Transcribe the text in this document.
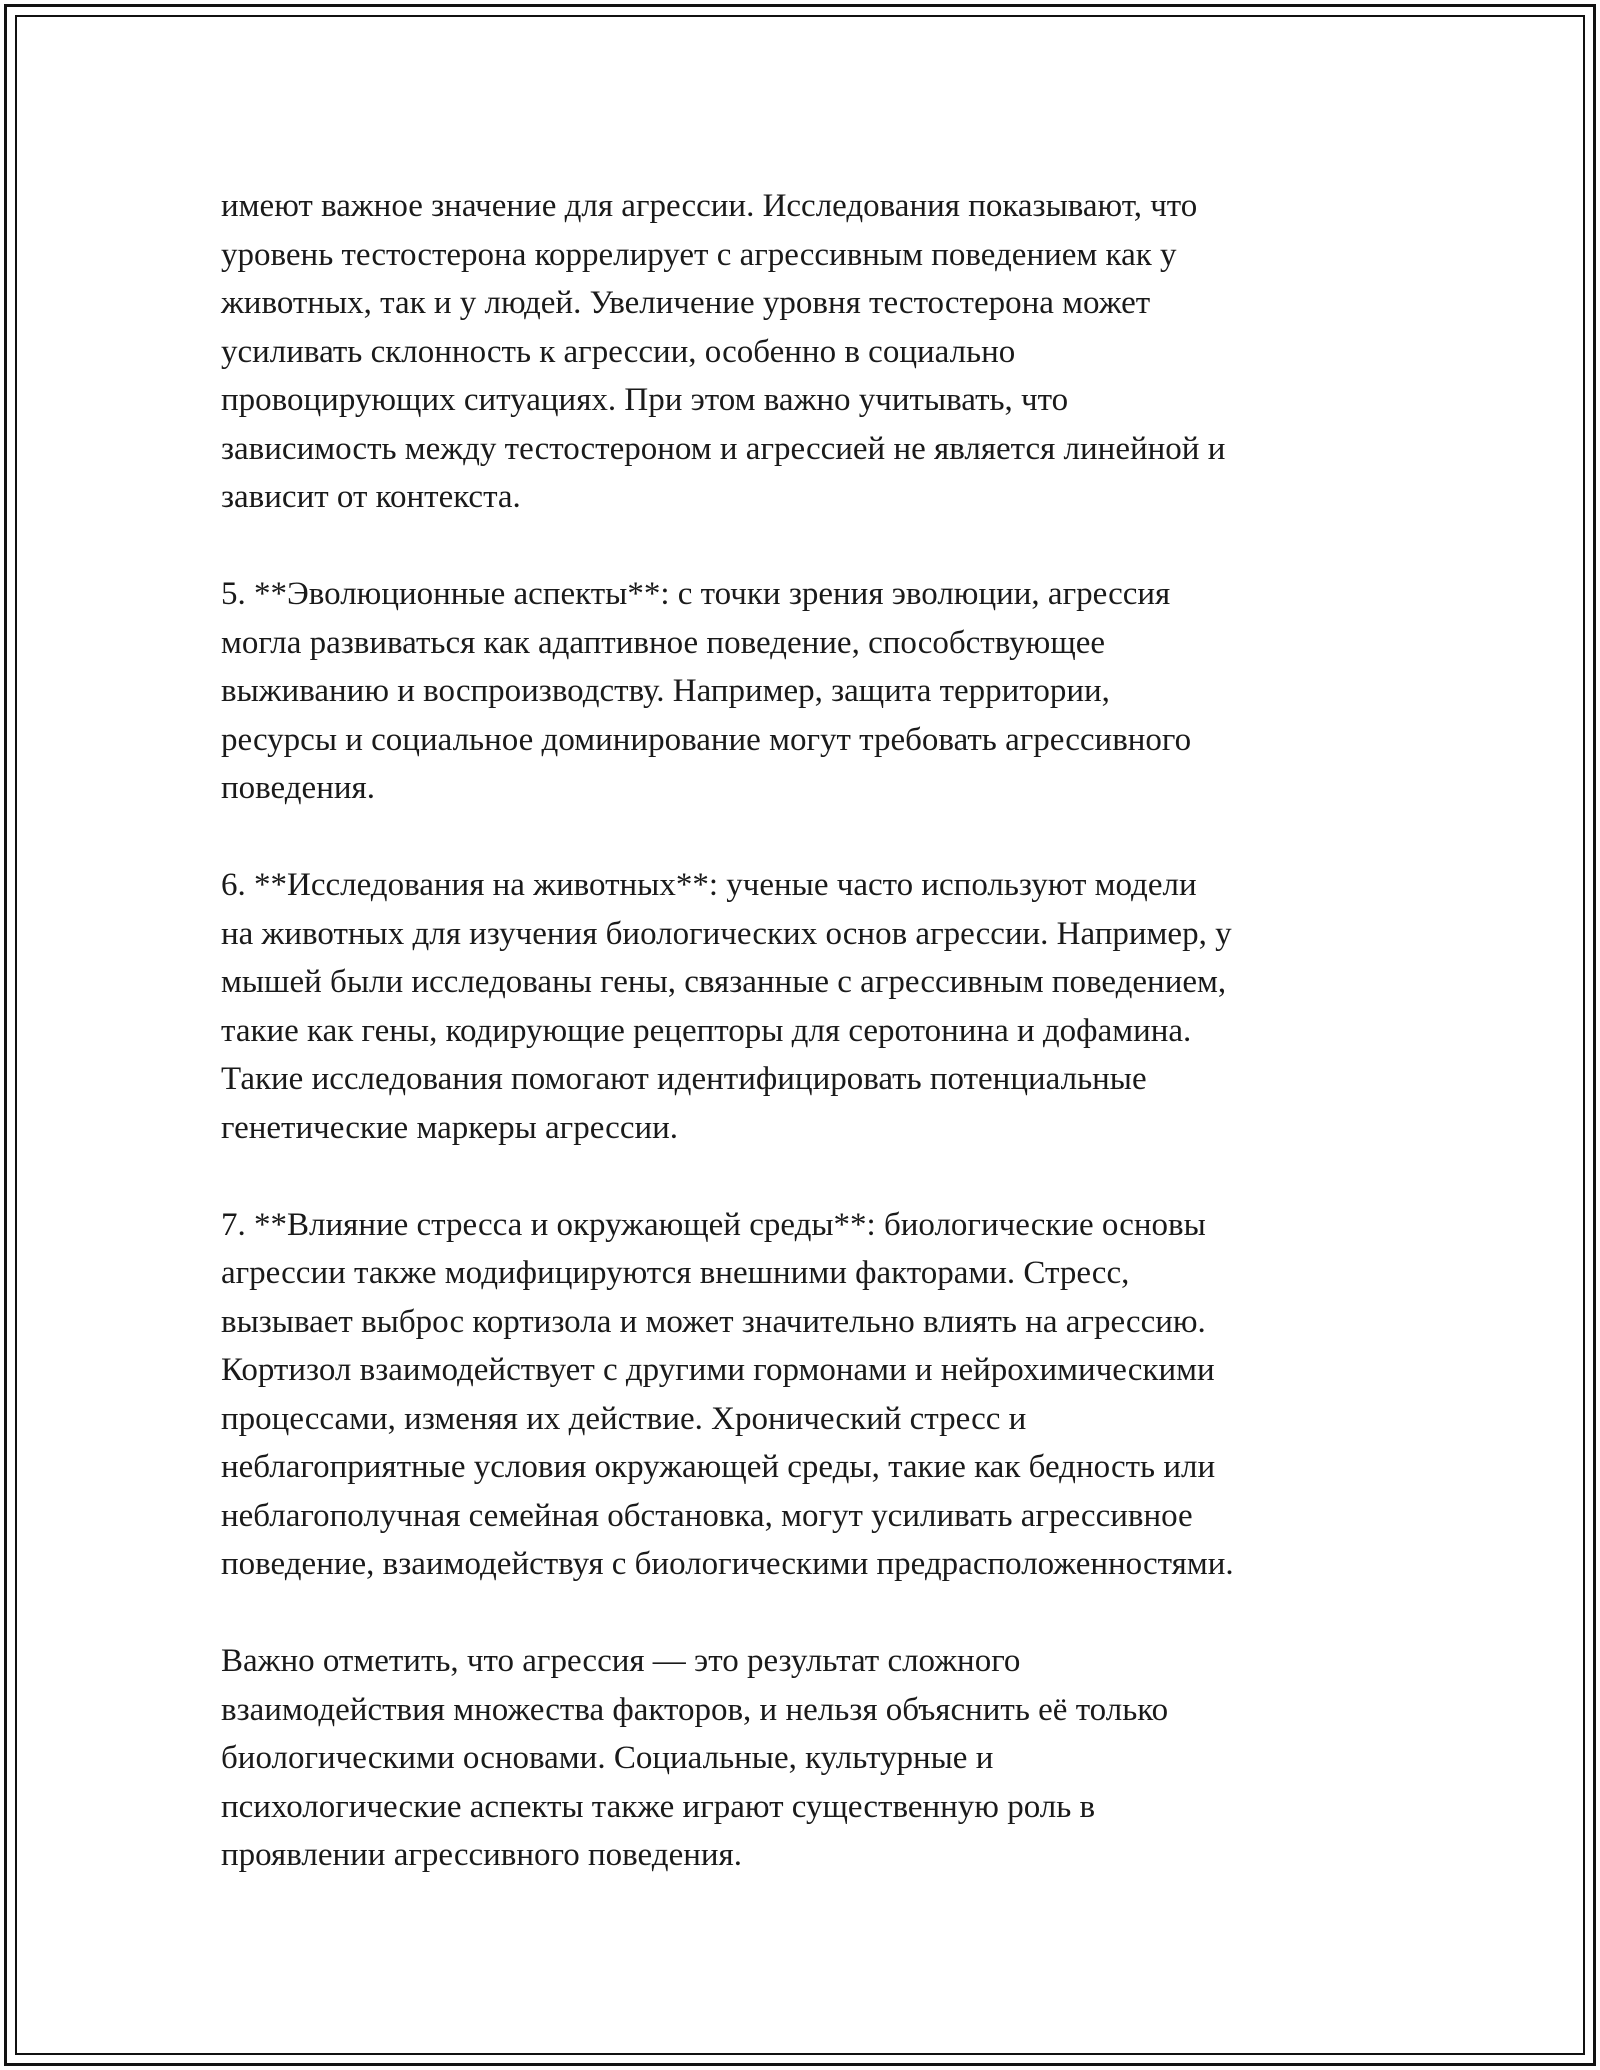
имеют важное значение для агрессии. Исследования показывают, что
уровень тестостерона коррелирует с агрессивным поведением как у
животных, так и у людей. Увеличение уровня тестостерона может
усиливать склонность к агрессии, особенно в социально
провоцирующих ситуациях. При этом важно учитывать, что
зависимость между тестостероном и агрессией не является линейной и
зависит от контекста.
5. **Эволюционные аспекты**: с точки зрения эволюции, агрессия
могла развиваться как адаптивное поведение, способствующее
выживанию и воспроизводству. Например, защита территории,
ресурсы и социальное доминирование могут требовать агрессивного
поведения.
6. **Исследования на животных**: ученые часто используют модели
на животных для изучения биологических основ агрессии. Например, у
мышей были исследованы гены, связанные с агрессивным поведением,
такие как гены, кодирующие рецепторы для серотонина и дофамина.
Такие исследования помогают идентифицировать потенциальные
генетические маркеры агрессии.
7. **Влияние стресса и окружающей среды**: биологические основы
агрессии также модифицируются внешними факторами. Стресс,
вызывает выброс кортизола и может значительно влиять на агрессию.
Кортизол взаимодействует с другими гормонами и нейрохимическими
процессами, изменяя их действие. Хронический стресс и
неблагоприятные условия окружающей среды, такие как бедность или
неблагополучная семейная обстановка, могут усиливать агрессивное
поведение, взаимодействуя с биологическими предрасположенностями.
Важно отметить, что агрессия — это результат сложного
взаимодействия множества факторов, и нельзя объяснить её только
биологическими основами. Социальные, культурные и
психологические аспекты также играют существенную роль в
проявлении агрессивного поведения.
